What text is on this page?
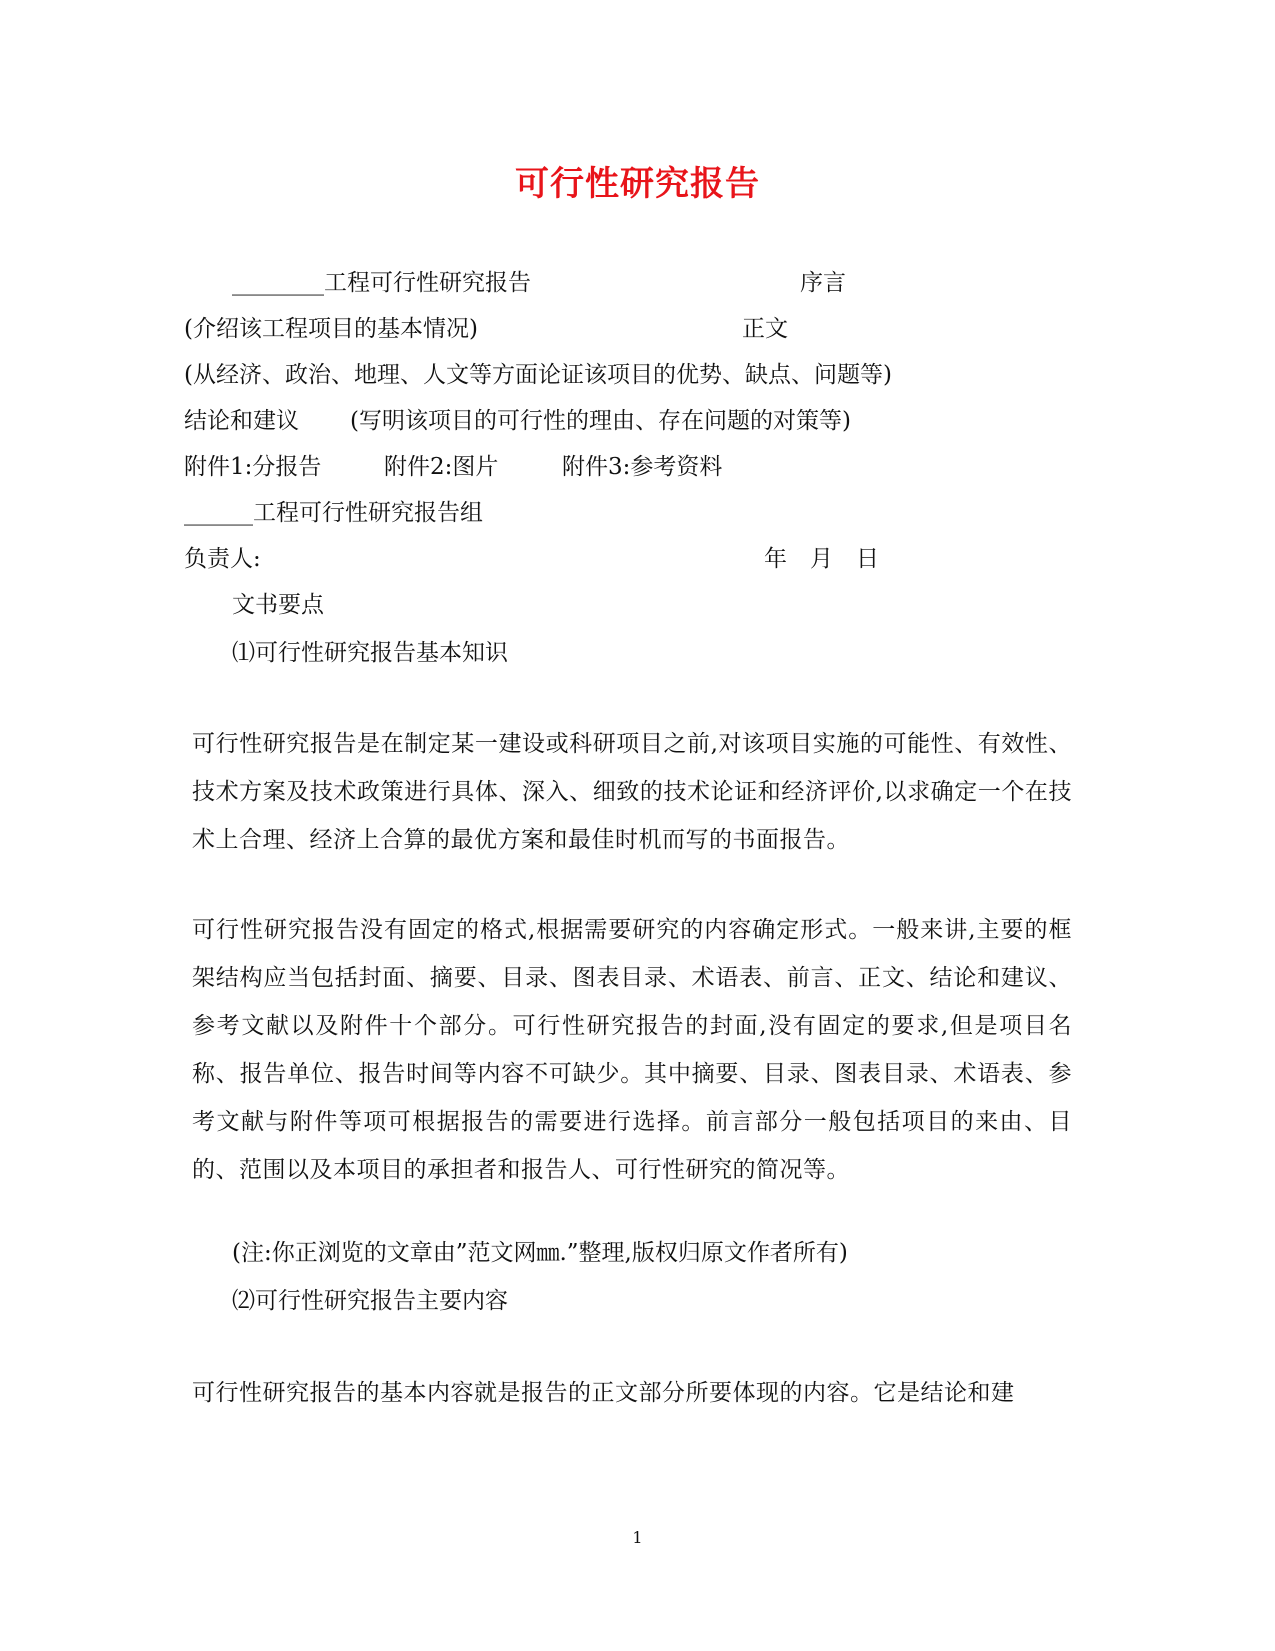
可行性研究报告
________工程可行性研究报告	序言
(介绍该工程项目的基本情况)	正文
(从经济、政治、地理、人文等方面论证该项目的优势、缺点、问题等)
结论和建议 (写明该项目的可行性的理由、存在问题的对策等)
附件1:分报告	附件2:图片	附件3:参考资料
______工程可行性研究报告组
负责人:	年　月　日
文书要点
⑴可行性研究报告基本知识
可行性研究报告是在制定某一建设或科研项目之前,对该项目实施的可能性、有效性、技术方案及技术政策进行具体、深入、细致的技术论证和经济评价,以求确定一个在技术上合理、经济上合算的最优方案和最佳时机而写的书面报告。
可行性研究报告没有固定的格式,根据需要研究的内容确定形式。一般来讲,主要的框架结构应当包括封面、摘要、目录、图表目录、术语表、前言、正文、结论和建议、参考文献以及附件十个部分。可行性研究报告的封面,没有固定的要求,但是项目名称、报告单位、报告时间等内容不可缺少。其中摘要、目录、图表目录、术语表、参考文献与附件等项可根据报告的需要进行选择。前言部分一般包括项目的来由、目的、范围以及本项目的承担者和报告人、可行性研究的简况等。
(注:你正浏览的文章由”范文网㎜.”整理,版权归原文作者所有)
⑵可行性研究报告主要内容
可行性研究报告的基本内容就是报告的正文部分所要体现的内容。它是结论和建
1
